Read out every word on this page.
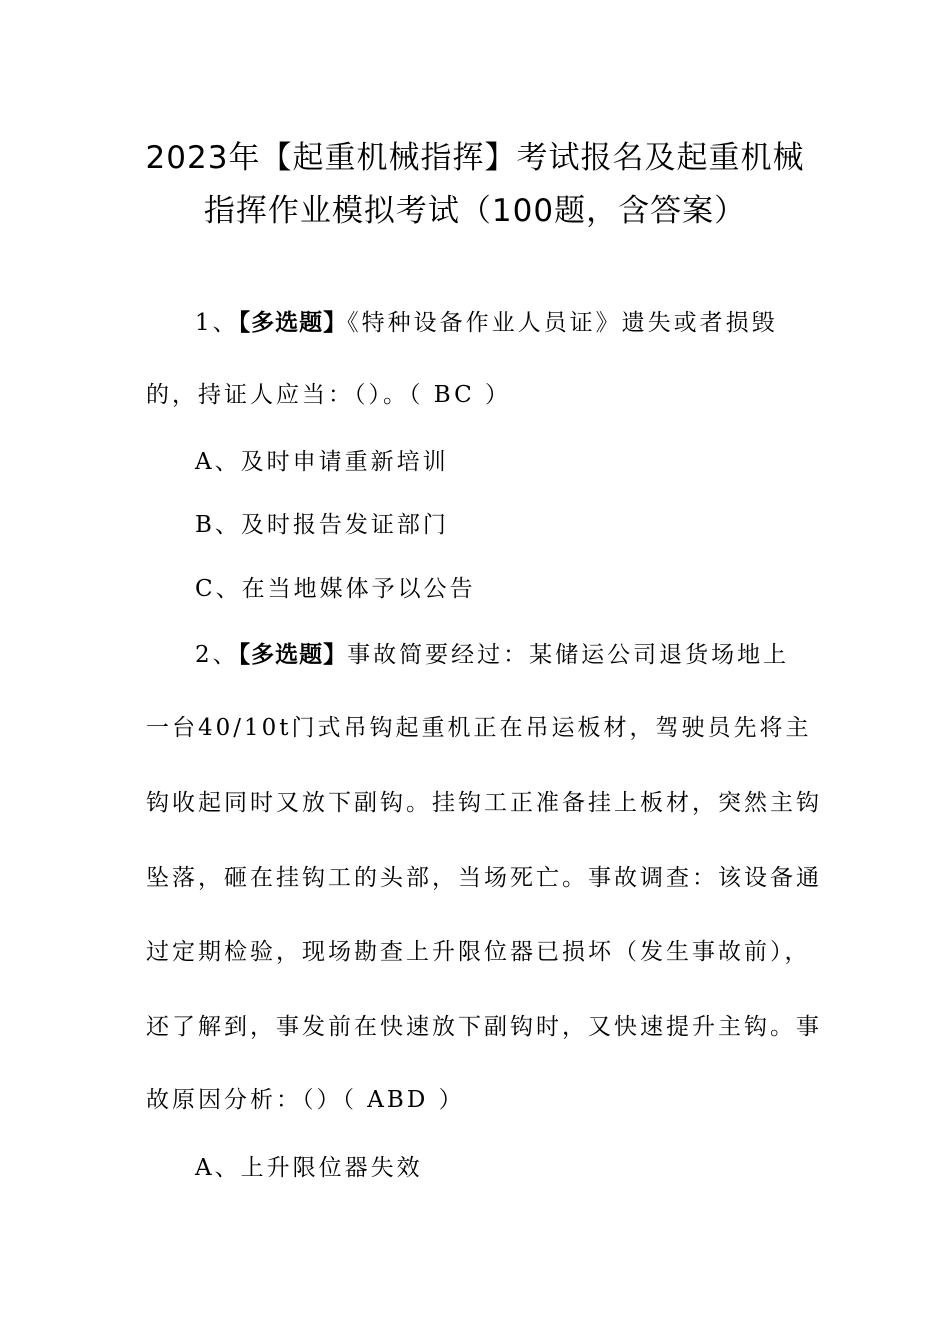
2023年【起重机械指挥】考试报名及起重机械
指挥作业模拟考试（100题，含答案）
1、【多选题】《特种设备作业人员证》遗失或者损毁
的，持证人应当：（）。（ BC ）
A、及时申请重新培训
B、及时报告发证部门
C、在当地媒体予以公告
2、【多选题】事故简要经过：某储运公司退货场地上
一台40/10t门式吊钩起重机正在吊运板材，驾驶员先将主
钩收起同时又放下副钩。挂钩工正准备挂上板材，突然主钩
坠落，砸在挂钩工的头部，当场死亡。事故调查：该设备通
过定期检验，现场勘查上升限位器已损坏（发生事故前），
还了解到，事发前在快速放下副钩时，又快速提升主钩。事
故原因分析：（）（ ABD ）
A、上升限位器失效
